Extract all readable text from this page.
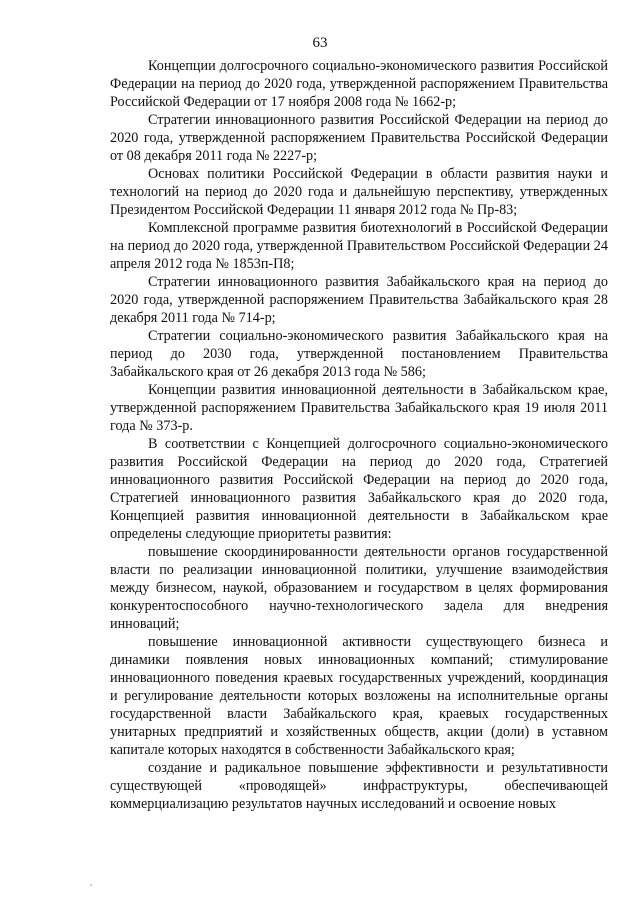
63

Концепции долгосрочного социально-экономического развития Российской Федерации на период до 2020 года, утвержденной распоряжением Правительства Российской Федерации от 17 ноября 2008 года № 1662-р;

Стратегии инновационного развития Российской Федерации на период до 2020 года, утвержденной распоряжением Правительства Российской Федерации от 08 декабря 2011 года № 2227-р;

Основах политики Российской Федерации в области развития науки и технологий на период до 2020 года и дальнейшую перспективу, утвержденных Президентом Российской Федерации 11 января 2012 года № Пр-83;

Комплексной программе развития биотехнологий в Российской Федерации на период до 2020 года, утвержденной Правительством Российской Федерации 24 апреля 2012 года № 1853п-П8;

Стратегии инновационного развития Забайкальского края на период до 2020 года, утвержденной распоряжением Правительства Забайкальского края 28 декабря 2011 года № 714-р;

Стратегии социально-экономического развития Забайкальского края на период до 2030 года, утвержденной постановлением Правительства Забайкальского края от 26 декабря 2013 года № 586;

Концепции развития инновационной деятельности в Забайкальском крае, утвержденной распоряжением Правительства Забайкальского края 19 июля 2011 года № 373-р.

В соответствии с Концепцией долгосрочного социально-экономического развития Российской Федерации на период до 2020 года, Стратегией инновационного развития Российской Федерации на период до 2020 года, Стратегией инновационного развития Забайкальского края до 2020 года, Концепцией развития инновационной деятельности в Забайкальском крае определены следующие приоритеты развития:

повышение скоординированности деятельности органов государственной власти по реализации инновационной политики, улучшение взаимодействия между бизнесом, наукой, образованием и государством в целях формирования конкурентоспособного научно-технологического задела для внедрения инноваций;

повышение инновационной активности существующего бизнеса и динамики появления новых инновационных компаний; стимулирование инновационного поведения краевых государственных учреждений, координация и регулирование деятельности которых возложены на исполнительные органы государственной власти Забайкальского края, краевых государственных унитарных предприятий и хозяйственных обществ, акции (доли) в уставном капитале которых находятся в собственности Забайкальского края;

создание и радикальное повышение эффективности и результативности существующей «проводящей» инфраструктуры, обеспечивающей коммерциализацию результатов научных исследований и освоение новых
